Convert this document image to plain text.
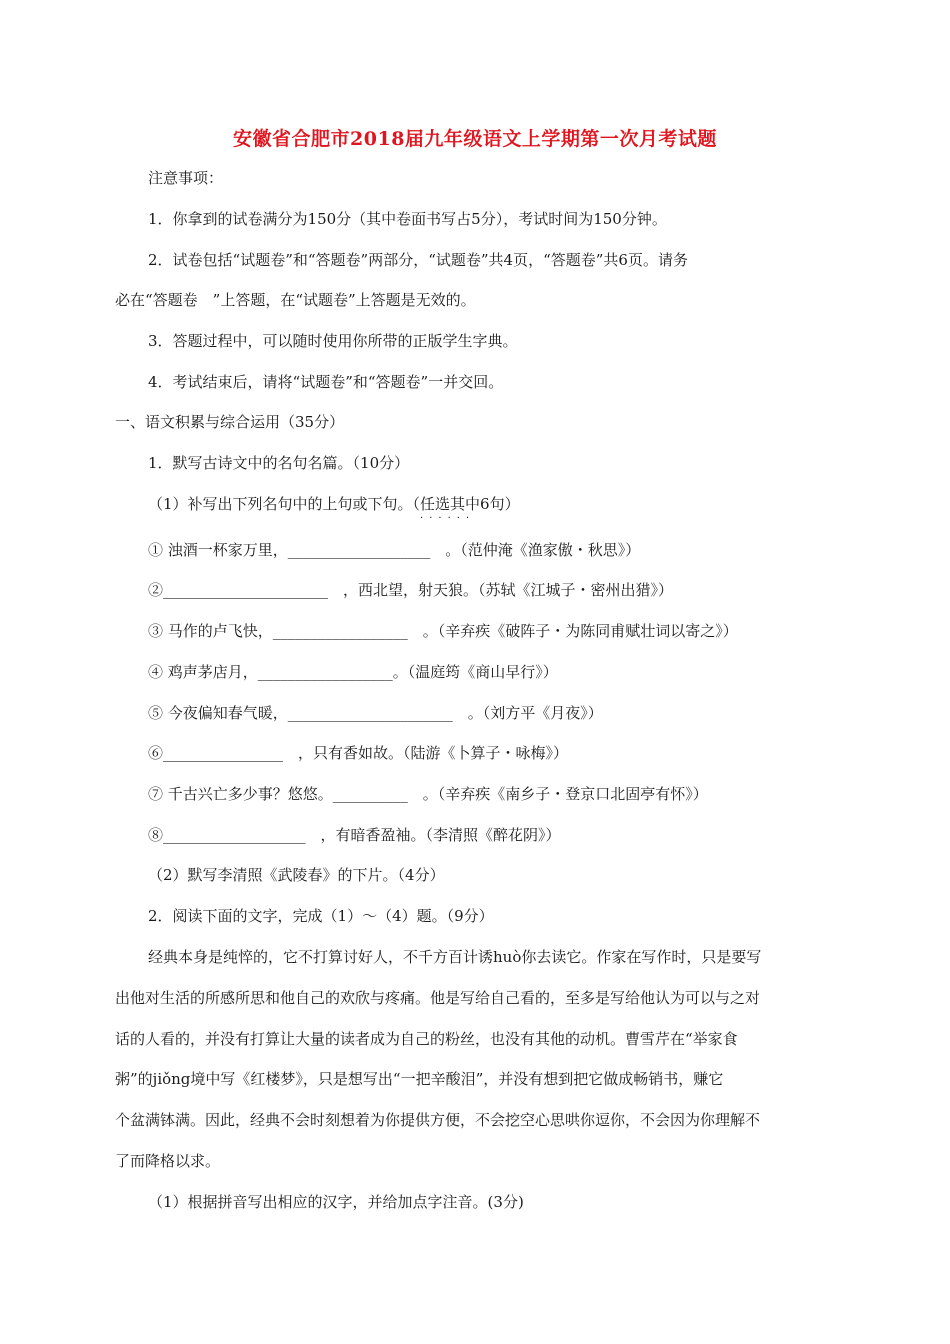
安徽省合肥市2018届九年级语文上学期第一次月考试题
注意事项：
1．你拿到的试卷满分为150分（其中卷面书写占5分），考试时间为150分钟。
2．试卷包括“试题卷”和“答题卷”两部分，“试题卷”共4页，“答题卷”共6页。请务
必在“答题卷　”上答题，在“试题卷”上答题是无效的。
3．答题过程中，可以随时使用你所带的正版学生字典。
4．考试结束后，请将“试题卷”和“答题卷”一并交回。
一、语文积累与综合运用（35分）
1．默写古诗文中的名句名篇。（10分）
（1）补写出下列名句中的上句或下句。（任选其中6句
······
）
① 浊酒一杯家万里，___________________　。（范仲淹《渔家傲・秋思》）
②______________________　，西北望，射天狼。（苏轼《江城子・密州出猎》）
③ 马作的卢飞快，__________________　。（辛弃疾《破阵子・为陈同甫赋壮词以寄之》）
④ 鸡声茅店月，__________________。（温庭筠《商山早行》）
⑤ 今夜偏知春气暖，______________________　。（刘方平《月夜》）
⑥________________　，只有香如故。（陆游《卜算子・咏梅》）
⑦ 千古兴亡多少事？悠悠。__________　。（辛弃疾《南乡子・登京口北固亭有怀》）
⑧___________________　，有暗香盈袖。（李清照《醉花阴》）
（2）默写李清照《武陵春》的下片。（4分）
2．阅读下面的文字，完成（1）～（4）题。（9分）
经典本身是纯悴的，它不打算讨好人，不千方百计诱huò你去读它。作家在写作时，只是要写
出他对生活的所感所思和他自己的欢欣与疼痛。他是写给自己看的，至多是写给他认为可以与之对
话的人看的，并没有打算让大量的读者成为自己的粉丝，也没有其他的动机。曹雪芹在“举家食
粥”的jiǒng境中写《红楼梦》，只是想写出“一把辛酸泪”，并没有想到把它做成畅销书，赚它
个盆满钵满。因此，经典不会时刻想着为你提供方便，不会挖空心思哄你逗你，不会因为你理解不
了而降格以求。
（1）根据拼音写出相应的汉字，并给加点字注音。(3分)
